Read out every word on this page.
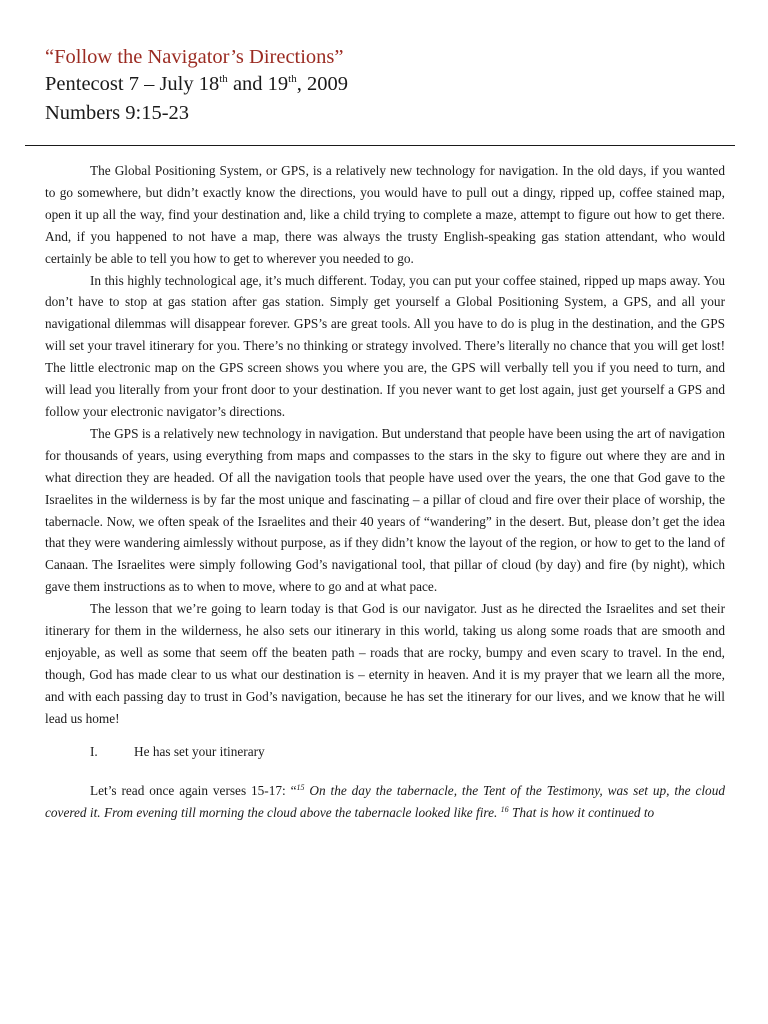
“Follow the Navigator’s Directions”
Pentecost 7 – July 18th and 19th, 2009
Numbers 9:15-23

The Global Positioning System, or GPS, is a relatively new technology for navigation. In the old days, if you wanted to go somewhere, but didn’t exactly know the directions, you would have to pull out a dingy, ripped up, coffee stained map, open it up all the way, find your destination and, like a child trying to complete a maze, attempt to figure out how to get there. And, if you happened to not have a map, there was always the trusty English-speaking gas station attendant, who would certainly be able to tell you how to get to wherever you needed to go.

In this highly technological age, it’s much different. Today, you can put your coffee stained, ripped up maps away. You don’t have to stop at gas station after gas station. Simply get yourself a Global Positioning System, a GPS, and all your navigational dilemmas will disappear forever. GPS’s are great tools. All you have to do is plug in the destination, and the GPS will set your travel itinerary for you. There’s no thinking or strategy involved. There’s literally no chance that you will get lost! The little electronic map on the GPS screen shows you where you are, the GPS will verbally tell you if you need to turn, and will lead you literally from your front door to your destination. If you never want to get lost again, just get yourself a GPS and follow your electronic navigator’s directions.

The GPS is a relatively new technology in navigation. But understand that people have been using the art of navigation for thousands of years, using everything from maps and compasses to the stars in the sky to figure out where they are and in what direction they are headed. Of all the navigation tools that people have used over the years, the one that God gave to the Israelites in the wilderness is by far the most unique and fascinating – a pillar of cloud and fire over their place of worship, the tabernacle. Now, we often speak of the Israelites and their 40 years of “wandering” in the desert. But, please don’t get the idea that they were wandering aimlessly without purpose, as if they didn’t know the layout of the region, or how to get to the land of Canaan. The Israelites were simply following God’s navigational tool, that pillar of cloud (by day) and fire (by night), which gave them instructions as to when to move, where to go and at what pace.

The lesson that we’re going to learn today is that God is our navigator. Just as he directed the Israelites and set their itinerary for them in the wilderness, he also sets our itinerary in this world, taking us along some roads that are smooth and enjoyable, as well as some that seem off the beaten path – roads that are rocky, bumpy and even scary to travel. In the end, though, God has made clear to us what our destination is – eternity in heaven. And it is my prayer that we learn all the more, and with each passing day to trust in God’s navigation, because he has set the itinerary for our lives, and we know that he will lead us home!

I.	He has set your itinerary

Let’s read once again verses 15-17: “$^{15}$ On the day the tabernacle, the Tent of the Testimony, was set up, the cloud covered it. From evening till morning the cloud above the tabernacle looked like fire. $^{16}$ That is how it continued to
